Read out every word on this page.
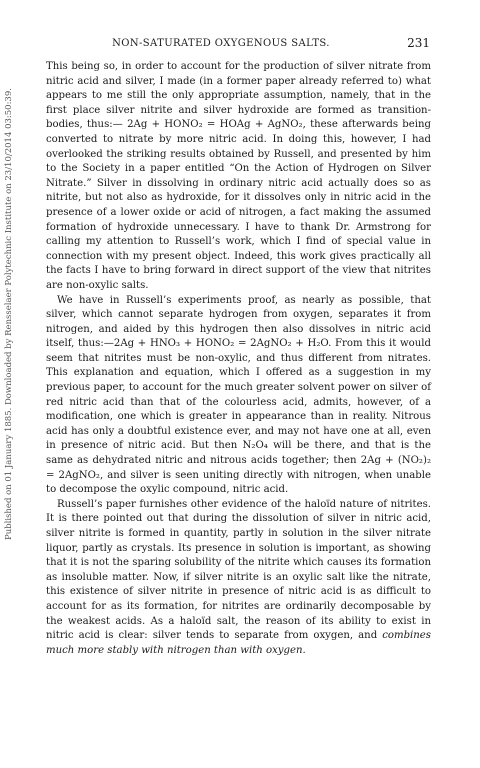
Published on 01 January 1885. Downloaded by Rensselaer Polytechnic Institute on 23/10/2014 03:50:39.
NON-SATURATED OXYGENOUS SALTS.	231

This being so, in order to account for the production of silver nitrate from nitric acid and silver, I made (in a former paper already referred to) what appears to me still the only appropriate assumption, namely, that in the first place silver nitrite and silver hydroxide are formed as transition-bodies, thus:— 2Ag + HONO₂ = HOAg + AgNO₂, these afterwards being converted to nitrate by more nitric acid. In doing this, however, I had overlooked the striking results obtained by Russell, and presented by him to the Society in a paper entitled “On the Action of Hydrogen on Silver Nitrate.” Silver in dissolving in ordinary nitric acid actually does so as nitrite, but not also as hydroxide, for it dissolves only in nitric acid in the presence of a lower oxide or acid of nitrogen, a fact making the assumed formation of hydroxide unnecessary. I have to thank Dr. Armstrong for calling my attention to Russell’s work, which I find of special value in connection with my present object. Indeed, this work gives practically all the facts I have to bring forward in direct support of the view that nitrites are non-oxylic salts.

We have in Russell’s experiments proof, as nearly as possible, that silver, which cannot separate hydrogen from oxygen, separates it from nitrogen, and aided by this hydrogen then also dissolves in nitric acid itself, thus:—2Ag + HNO₃ + HONO₂ = 2AgNO₂ + H₂O. From this it would seem that nitrites must be non-oxylic, and thus different from nitrates. This explanation and equation, which I offered as a suggestion in my previous paper, to account for the much greater solvent power on silver of red nitric acid than that of the colourless acid, admits, however, of a modification, one which is greater in appearance than in reality. Nitrous acid has only a doubtful existence ever, and may not have one at all, even in presence of nitric acid. But then N₂O₄ will be there, and that is the same as dehydrated nitric and nitrous acids together; then 2Ag + (NO₂)₂ = 2AgNO₂, and silver is seen uniting directly with nitrogen, when unable to decompose the oxylic compound, nitric acid.

Russell’s paper furnishes other evidence of the haloïd nature of nitrites. It is there pointed out that during the dissolution of silver in nitric acid, silver nitrite is formed in quantity, partly in solution in the silver nitrate liquor, partly as crystals. Its presence in solution is important, as showing that it is not the sparing solubility of the nitrite which causes its formation as insoluble matter. Now, if silver nitrite is an oxylic salt like the nitrate, this existence of silver nitrite in presence of nitric acid is as difficult to account for as its formation, for nitrites are ordinarily decomposable by the weakest acids. As a haloïd salt, the reason of its ability to exist in nitric acid is clear: silver tends to separate from oxygen, and combines much more stably with nitrogen than with oxygen.
